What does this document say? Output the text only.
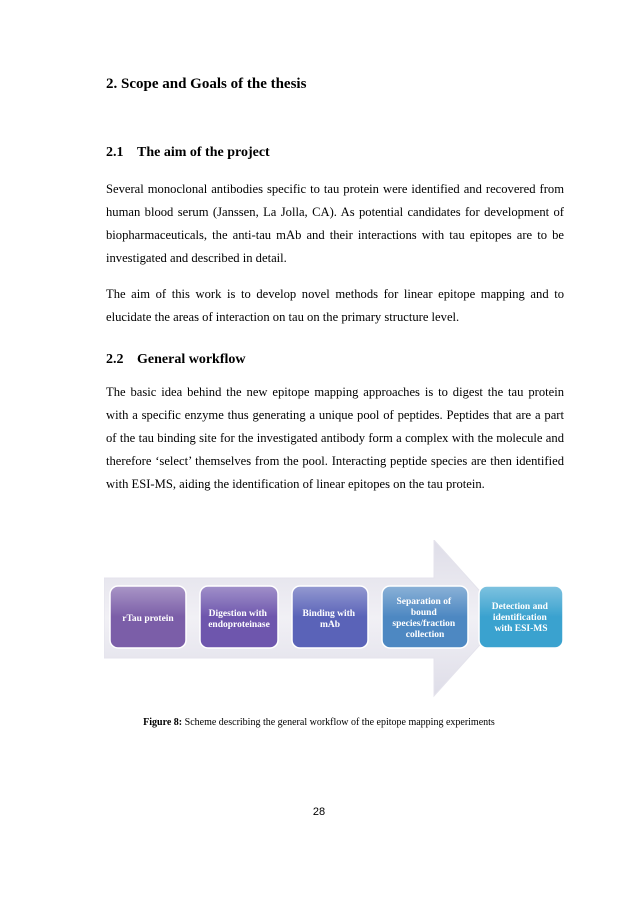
2. Scope and Goals of the thesis
2.1 The aim of the project
Several monoclonal antibodies specific to tau protein were identified and recovered from human blood serum (Janssen, La Jolla, CA). As potential candidates for development of biopharmaceuticals, the anti-tau mAb and their interactions with tau epitopes are to be investigated and described in detail.
The aim of this work is to develop novel methods for linear epitope mapping and to elucidate the areas of interaction on tau on the primary structure level.
2.2 General workflow
The basic idea behind the new epitope mapping approaches is to digest the tau protein with a specific enzyme thus generating a unique pool of peptides. Peptides that are a part of the tau binding site for the investigated antibody form a complex with the molecule and therefore ‘select’ themselves from the pool. Interacting peptide species are then identified with ESI-MS, aiding the identification of linear epitopes on the tau protein.
rTau protein	Digestion with endoproteinase
Binding with mAb
Separation of bound species/fraction collection
Detection and identification with ESI-MS
Figure 8: Scheme describing the general workflow of the epitope mapping experiments
28
